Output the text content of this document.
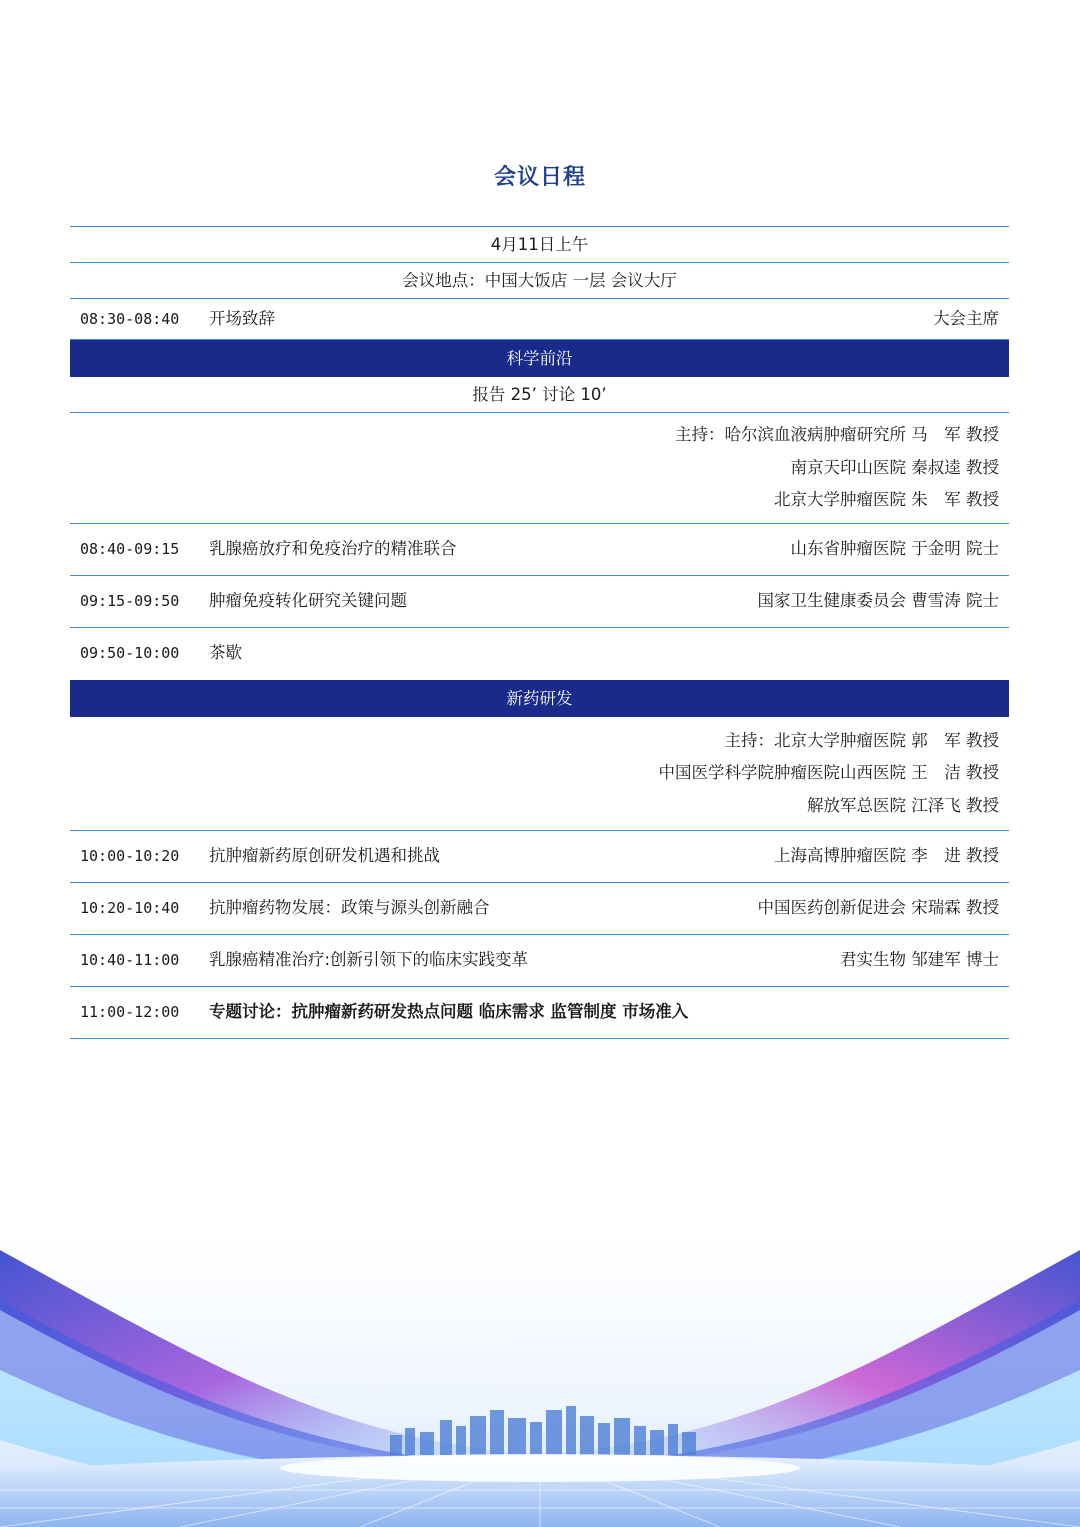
会议日程
4月11日上午
会议地点：中国大饭店 一层 会议大厅
08:30-08:40 开场致辞	大会主席
科学前沿
报告 25’ 讨论 10’
主持：哈尔滨血液病肿瘤研究所 马　军 教授
南京天印山医院 秦叔逵 教授
北京大学肿瘤医院 朱　军 教授
08:40-09:15 乳腺癌放疗和免疫治疗的精准联合	山东省肿瘤医院 于金明 院士
09:15-09:50 肿瘤免疫转化研究关键问题	国家卫生健康委员会 曹雪涛 院士
09:50-10:00 茶歇
新药研发
主持：北京大学肿瘤医院 郭　军 教授
中国医学科学院肿瘤医院山西医院 王　洁 教授
解放军总医院 江泽飞 教授
10:00-10:20 抗肿瘤新药原创研发机遇和挑战	上海高博肿瘤医院 李　进 教授
10:20-10:40 抗肿瘤药物发展：政策与源头创新融合	中国医药创新促进会 宋瑞霖 教授
10:40-11:00 乳腺癌精准治疗:创新引领下的临床实践变革	君实生物 邹建军 博士
11:00-12:00 专题讨论：抗肿瘤新药研发热点问题 临床需求 监管制度 市场准入
